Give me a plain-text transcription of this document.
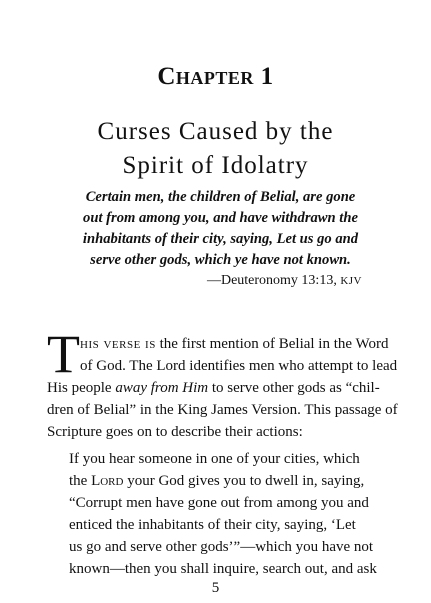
Chapter 1
Curses Caused by the
Spirit of Idolatry

Certain men, the children of Belial, are gone
out from among you, and have withdrawn the
inhabitants of their city, saying, Let us go and
serve other gods, which ye have not known.

—Deuteronomy 13:13, KJV

T his verse is the first mention of Belial in the Word

of God. The Lord identifies men who attempt to lead

His people away from Him to serve other gods as “chil-

dren of Belial” in the King James Version. This passage of

Scripture goes on to describe their actions:

If you hear someone in one of your cities, which

the Lord your God gives you to dwell in, saying,

“Corrupt men have gone out from among you and

enticed the inhabitants of their city, saying, ‘Let

us go and serve other gods’”—which you have not

known—then you shall inquire, search out, and ask

5
